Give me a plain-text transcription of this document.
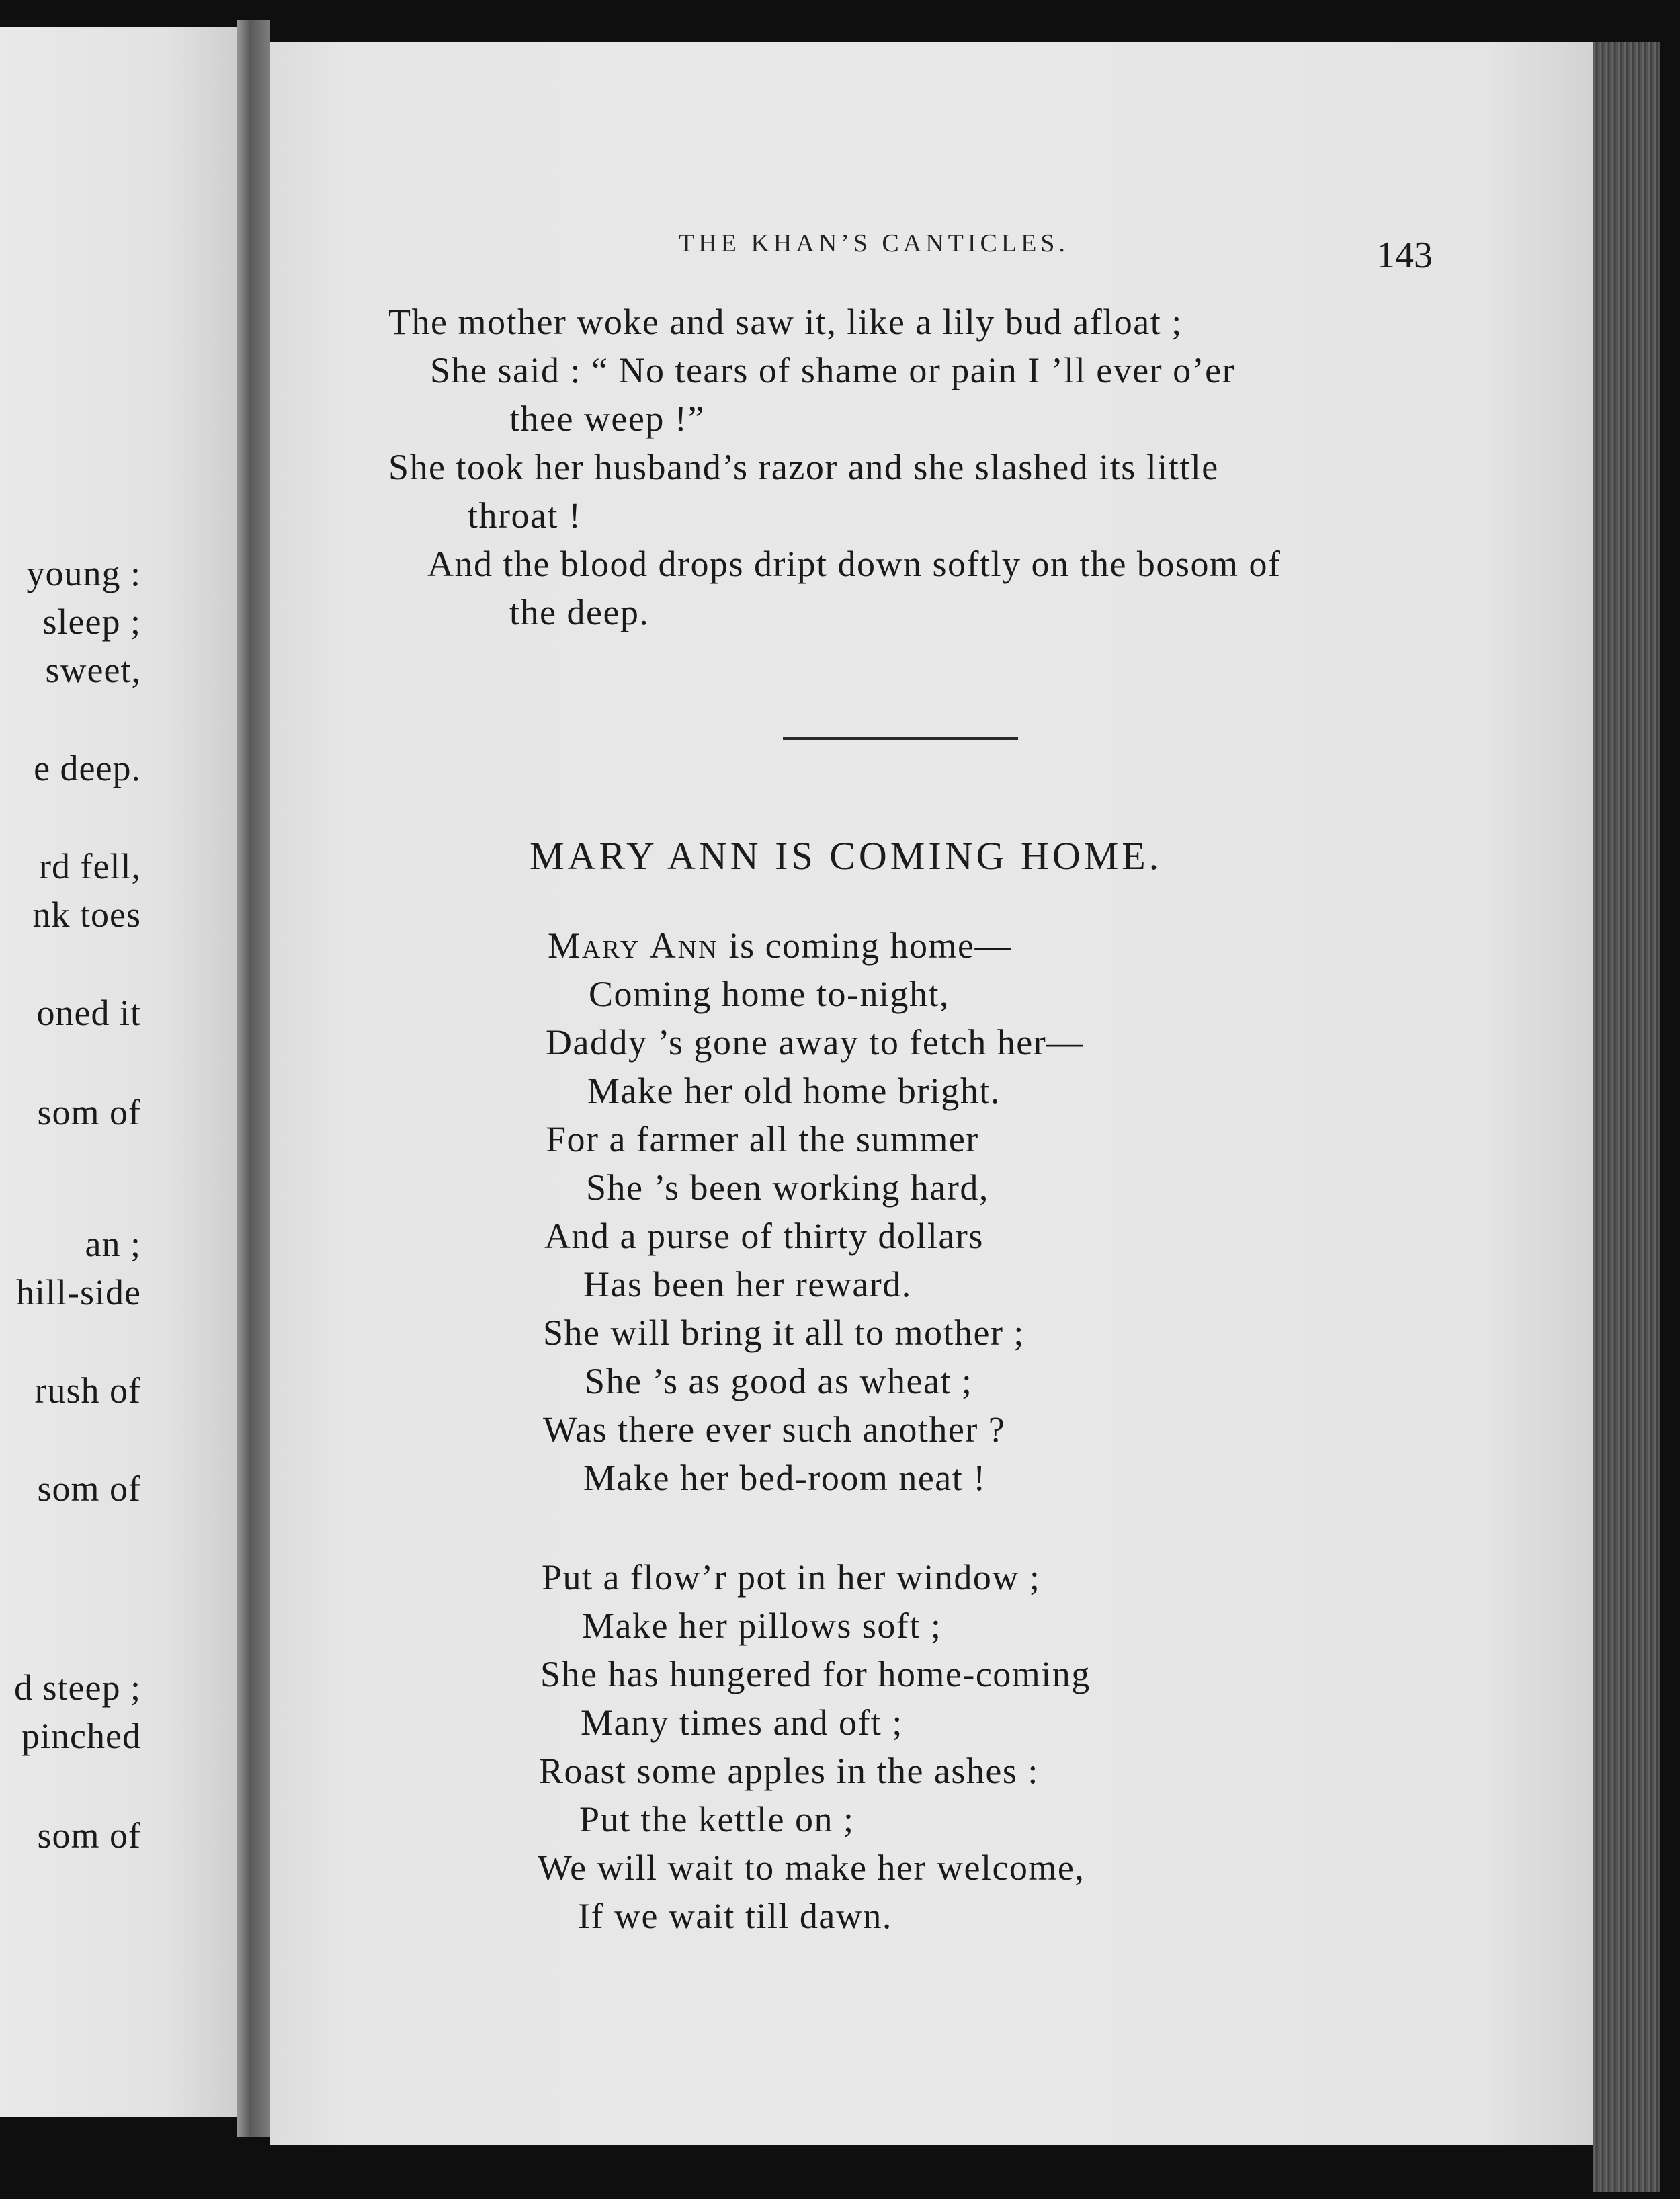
young :
sleep ;
sweet,
e deep.
rd fell,
nk toes
oned it
som of
an ;
hill-side
rush of
som of
d steep ;
pinched
som of
THE KHAN’S CANTICLES.	143
The mother woke and saw it, like a lily bud afloat ;
She said : “ No tears of shame or pain I ’ll ever o’er
thee weep !”
She took her husband’s razor and she slashed its little
throat !
And the blood drops dript down softly on the bosom of
the deep.
MARY ANN IS COMING HOME.
Mary Ann is coming home—
Coming home to-night,
Daddy ’s gone away to fetch her—
Make her old home bright.
For a farmer all the summer
She ’s been working hard,
And a purse of thirty dollars
Has been her reward.
She will bring it all to mother ;
She ’s as good as wheat ;
Was there ever such another ?
Make her bed-room neat !
Put a flow’r pot in her window ;
Make her pillows soft ;
She has hungered for home-coming
Many times and oft ;
Roast some apples in the ashes :
Put the kettle on ;
We will wait to make her welcome,
If we wait till dawn.
